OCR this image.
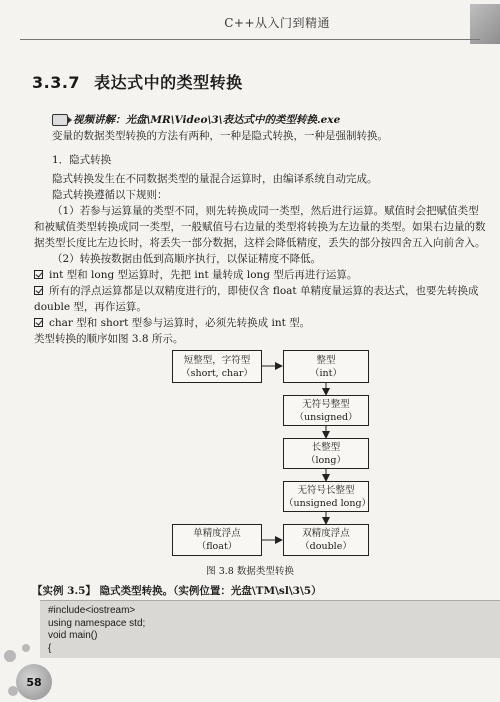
C++从入门到精通
3.3.7 表达式中的类型转换
视频讲解：光盘\MR\Video\3\表达式中的类型转换.exe
变量的数据类型转换的方法有两种，一种是隐式转换，一种是强制转换。
1．隐式转换
隐式转换发生在不同数据类型的量混合运算时，由编译系统自动完成。
隐式转换遵循以下规则：
（1）若参与运算量的类型不同，则先转换成同一类型，然后进行运算。赋值时会把赋值类型和被赋值类型转换成同一类型，一般赋值号右边量的类型将转换为左边量的类型。如果右边量的数据类型长度比左边长时，将丢失一部分数据，这样会降低精度，丢失的部分按四舍五入向前舍入。
（2）转换按数据由低到高顺序执行，以保证精度不降低。
int 型和 long 型运算时，先把 int 量转成 long 型后再进行运算。
所有的浮点运算都是以双精度进行的，即使仅含 float 单精度量运算的表达式，也要先转换成 double 型，再作运算。
char 型和 short 型参与运算时，必须先转换成 int 型。
类型转换的顺序如图 3.8 所示。
短整型，字符型
（short, char）
整型
（int）
无符号整型
（unsigned）
长整型
（long）
无符号长整型
（unsigned long）
单精度浮点
（float）
双精度浮点
（double）
图 3.8 数据类型转换
【实例 3.5】 隐式类型转换。（实例位置：光盘\TM\sl\3\5）
#include<iostream>
using namespace std;
void main()
{
58
